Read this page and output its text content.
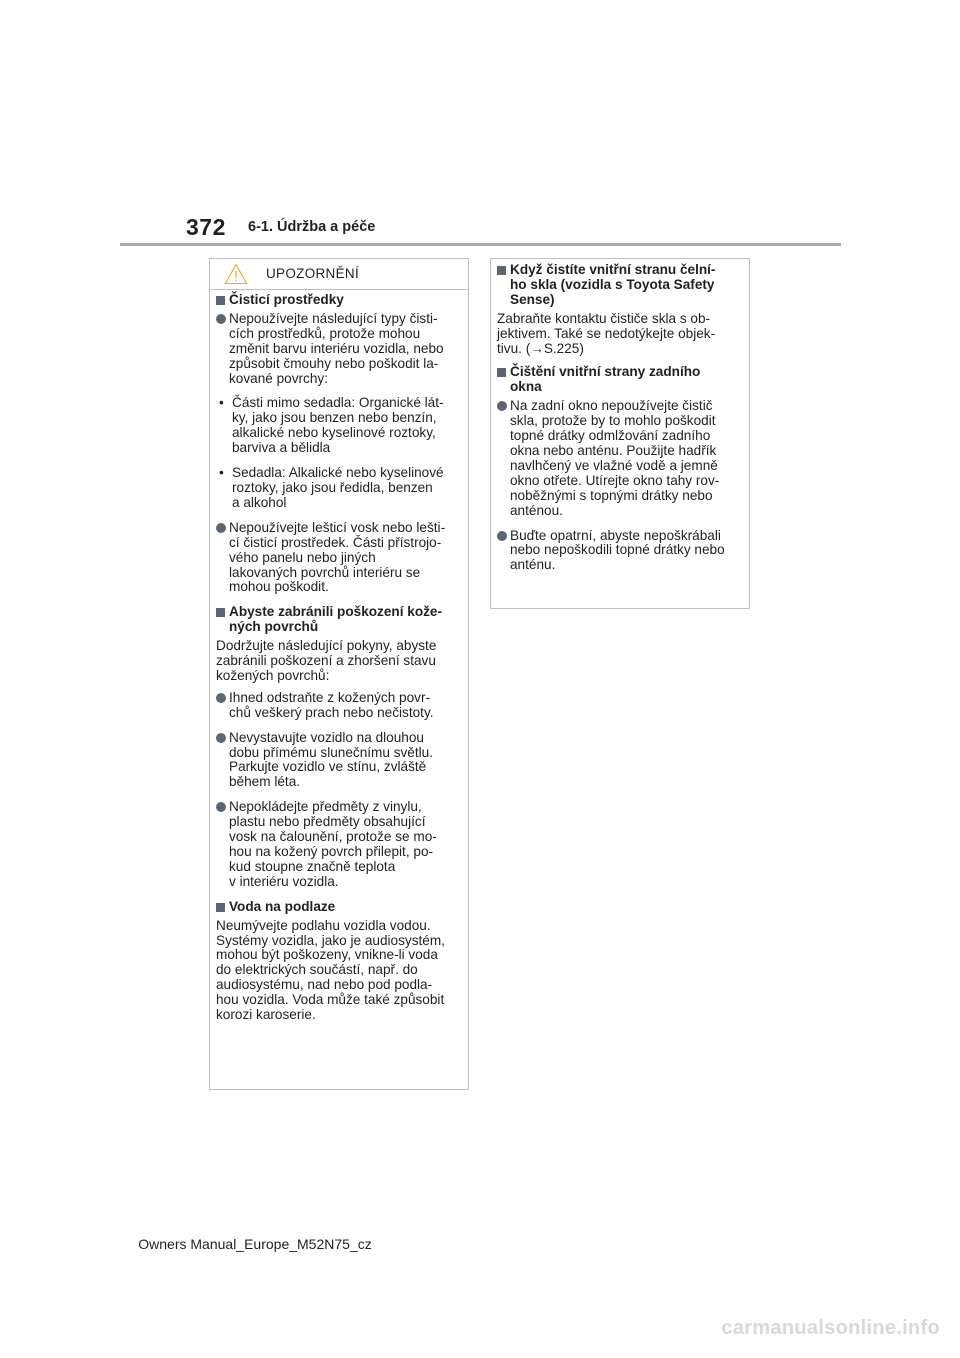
372 6-1. Údržba a péče
UPOZORNĚNÍ
Čisticí prostředky
Nepoužívejte následující typy čisti-
cích prostředků, protože mohou
změnit barvu interiéru vozidla, nebo
způsobit čmouhy nebo poškodit la-
kované povrchy:
• Části mimo sedadla: Organické lát-
ky, jako jsou benzen nebo benzín,
alkalické nebo kyselinové roztoky,
barviva a bělidla
• Sedadla: Alkalické nebo kyselinové
roztoky, jako jsou ředidla, benzen
a alkohol
Nepoužívejte lešticí vosk nebo lešti-
cí čisticí prostředek. Části přístrojo-
vého panelu nebo jiných
lakovaných povrchů interiéru se
mohou poškodit.
Abyste zabránili poškození kože-
ných povrchů
Dodržujte následující pokyny, abyste
zabránili poškození a zhoršení stavu
kožených povrchů:
Ihned odstraňte z kožených povr-
chů veškerý prach nebo nečistoty.
Nevystavujte vozidlo na dlouhou
dobu přímému slunečnímu světlu.
Parkujte vozidlo ve stínu, zvláště
během léta.
Nepokládejte předměty z vinylu,
plastu nebo předměty obsahující
vosk na čalounění, protože se mo-
hou na kožený povrch přilepit, po-
kud stoupne značně teplota
v interiéru vozidla.
Voda na podlaze
Neumývejte podlahu vozidla vodou.
Systémy vozidla, jako je audiosystém,
mohou být poškozeny, vnikne-li voda
do elektrických součástí, např. do
audiosystému, nad nebo pod podla-
hou vozidla. Voda může také způsobit
korozi karoserie.
Když čistíte vnitřní stranu čelní-
ho skla (vozidla s Toyota Safety
Sense)
Zabraňte kontaktu čističe skla s ob-
jektivem. Také se nedotýkejte objek-
tivu. (→S.225)
Čištění vnitřní strany zadního
okna
Na zadní okno nepoužívejte čistič
skla, protože by to mohlo poškodit
topné drátky odmlžování zadního
okna nebo anténu. Použijte hadřík
navlhčený ve vlažné vodě a jemně
okno otřete. Utírejte okno tahy rov-
noběžnými s topnými drátky nebo
anténou.
Buďte opatrní, abyste nepoškrábali
nebo nepoškodili topné drátky nebo
anténu.
Owners Manual_Europe_M52N75_cz
carmanualsonline.info
